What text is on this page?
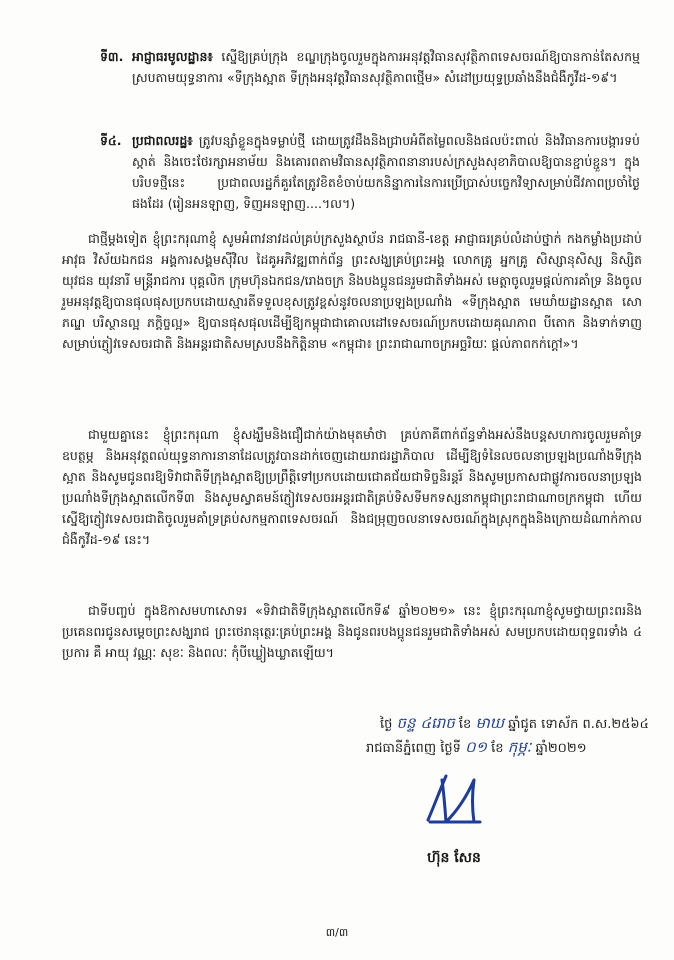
ទី៣. អាជ្ញាធរមូលដ្ឋាន៖ ស្នើឱ្យគ្រប់ក្រុង ខណ្ឌក្រុងចូលរួមក្នុងការអនុវត្តវិធានសុវត្ថិភាពទេសចរណ៍ឱ្យបានកាន់តែសកម្មស្របតាមយុទ្ធនាការ «ទីក្រុងស្អាត ទីក្រុងអនុវត្តវិធានសុវត្ថិភាពថ្មើម» សំដៅប្រយុទ្ធប្រឆាំងនឹងជំងឺកូវីដ-១៩។
ទី៤. ប្រជាពលរដ្ឋ៖ ត្រូវបន្សាំខ្លួនក្នុងទម្លាប់ថ្មី ដោយត្រូវដឹងនិងជ្រាបអំពីតម្លៃពលនិងផលប៉ះពាល់ និងវិធានការបង្ការទប់ស្កាត់ និងចេះថែរក្សាអនាម័យ និងគោរពតាមវិធានសុវត្ថិភាពនានារបស់ក្រសួងសុខាភិបាលឱ្យបានខ្ជាប់ខ្ជួន។ ក្នុងបរិបទថ្មីនេះ ប្រជាពលរដ្ឋក៏គួរតែត្រូវខិតខំចាប់យកនិន្នាការនៃការប្រើប្រាស់បច្ចេកវិទ្យាសម្រាប់ជីវភាពប្រចាំថ្ងៃផងដែរ (រៀនអនឡាញ, ទិញអនឡាញ....។ល។)

ជាថ្មីម្តងទៀត ខ្ញុំព្រះករុណាខ្ញុំ សូមអំពាវនាវដល់គ្រប់ក្រសួងស្ថាប័ន រាជធានី-ខេត្ត អាជ្ញាធរគ្រប់លំដាប់ថ្នាក់ កងកម្លាំងប្រដាប់អាវុធ វិស័យឯកជន អង្គការសង្គមស៊ីវិល ដៃគូអភិវឌ្ឍពាក់ព័ន្ធ ព្រះសង្ឃគ្រប់ព្រះអង្គ លោកគ្រូ អ្នកគ្រូ សិស្សានុសិស្ស និស្សិត យុវជន យុវនារី មន្ត្រីរាជការ បុគ្គលិក ក្រុមហ៊ុនឯកជន/រោងចក្រ និងបងប្អូនជនរួមជាតិទាំងអស់ មេត្តាចូលរួមផ្តល់ការគាំទ្រ និងចូលរួមអនុវត្តឱ្យបានផុលផុសប្រកបដោយស្មារតីទទួលខុសត្រូវខ្ពស់នូវចលនាប្រឡងប្រណាំង «ទីក្រុងស្អាត មេឃាំយដ្ឋានស្អាត សោភណ្ឌ បរិស្ថានល្អ ភក្តិច្ចល្អ» ឱ្យបានផុសផុលដើម្បីឱ្យកម្ពុជាជាគោលដៅទេសចរណ៍ប្រកបដោយគុណភាព បីតោក និងទាក់ទាញសម្រាប់ភ្ញៀវទេសចរជាតិ និងអន្តរជាតិសមស្របនឹងកិត្តិនាម «កម្ពុជា៖ ព្រះរាជាណាចក្រអច្ឆរិយៈ ផ្តល់ភាពកក់ក្តៅ»។

ជាមួយគ្នានេះ ខ្ញុំព្រះករុណា ខ្ញុំសង្ឃឹមនិងជឿជាក់យ៉ាងមុតមាំថា គ្រប់ភាគីពាក់ព័ន្ធទាំងអស់នឹងបន្តសហការចូលរួមគាំទ្រឧបត្ថម្ភ និងអនុវត្តពល់យុទ្ធនាការនានាដែលត្រូវបានដាក់ចេញដោយរាជរដ្ឋាភិបាល ដើម្បីឱ្យទំនៃលចលនាប្រឡងប្រណាំងទីក្រុងស្អាត និងសូមជូនពរឱ្យទិវាជាតិទីក្រុងស្អាតឱ្យប្រព្រឹត្តិទៅប្រកបដោយជោគជ័យជាទិច្ចនិរន្តរ៍ និងសូមប្រកាសជាផ្លូវការចលនាប្រឡងប្រណាំងទីក្រុងស្អាតលើកទី៣ និងសូមស្វាគមន៍ភ្ញៀវទេសចរអន្តរជាតិគ្រប់ទិសទីមកទស្សនាកម្ពុជាព្រះរាជាណាចក្រកម្ពុជា ហើយស្នើឱ្យភ្ញៀវទេសចរជាតិចូលរួមគាំទ្រគ្រប់សកម្មភាពទេសចរណ៍ និងជម្រុញចលនាទេសចរណ៍ក្នុងស្រុកក្នុងនិងក្រោយដំណាក់កាលជំងឺកូវីដ-១៩ នេះ។

ជាទីបញ្ចប់ ក្នុងឱកាសមហាសោទរ «ទិវាជាតិទីក្រុងស្អាតលើកទី៩ ឆ្នាំ២០២១» នេះ ខ្ញុំព្រះករុណាខ្ញុំសូមថ្វាយព្រះពរនិងប្រគេនពរជូនសម្តេចព្រះសង្ឃរាជ ព្រះថេរានុត្ថេរៈគ្រប់ព្រះអង្គ និងជូនពរបងប្អូនជនរួមជាតិទាំងអស់ សមប្រកបដោយពុទ្ធពរទាំង ៤ ប្រការ គឺ អាយុ វណ្ណៈ សុខៈ និងពលៈ កុំបីឃ្លៀងឃ្លាតឡើយ។

ថ្ងៃ ចន្ទ ៤រោច ខែ មាឃ ឆ្នាំជូត ទោស័ក ព.ស.២៥៦៤
រាជធានីភ្នំពេញ ថ្ងៃទី ០១ ខែ កុម្ភៈ ឆ្នាំ២០២១
ហ៊ុន សែន
៣/៣
